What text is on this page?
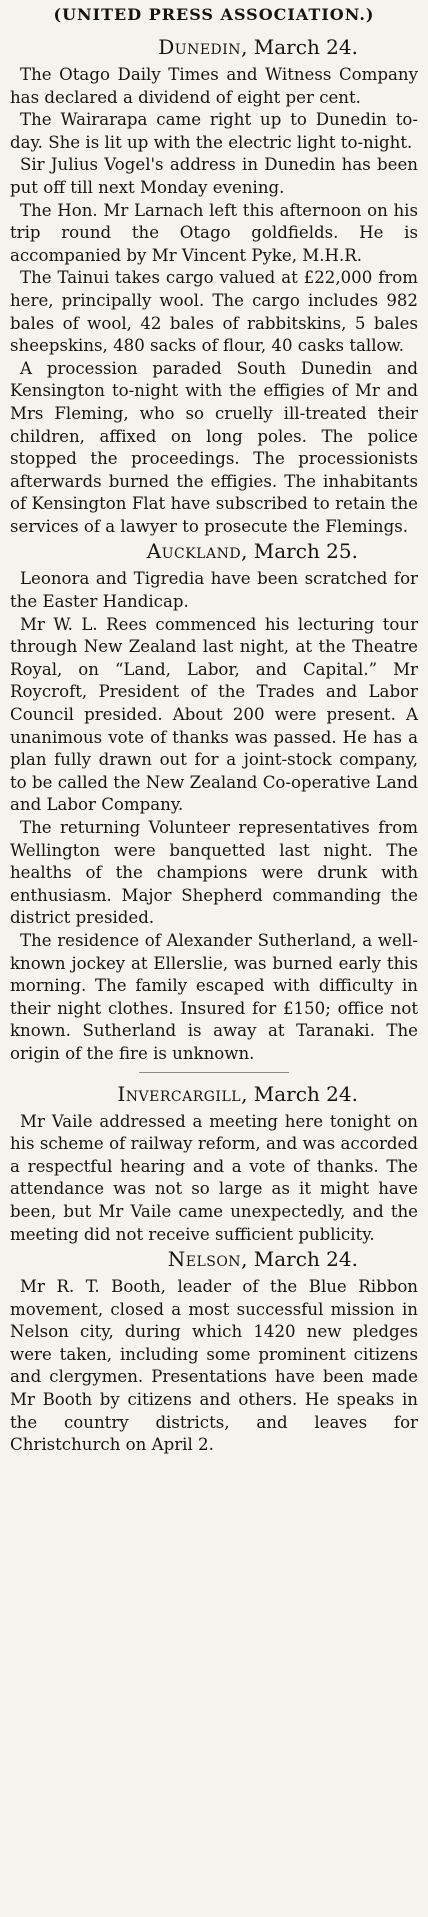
(UNITED PRESS ASSOCIATION.)
Dunedin, March 24.

The Otago Daily Times and Witness Company has declared a dividend of eight per cent.

The Wairarapa came right up to Dunedin to-day. She is lit up with the electric light to-night.

Sir Julius Vogel's address in Dunedin has been put off till next Monday evening.

The Hon. Mr Larnach left this afternoon on his trip round the Otago goldfields. He is accompanied by Mr Vincent Pyke, M.H.R.

The Tainui takes cargo valued at £22,000 from here, principally wool. The cargo includes 982 bales of wool, 42 bales of rabbitskins, 5 bales sheepskins, 480 sacks of flour, 40 casks tallow.

A procession paraded South Dunedin and Kensington to-night with the effigies of Mr and Mrs Fleming, who so cruelly ill-treated their children, affixed on long poles. The police stopped the proceedings. The processionists afterwards burned the effigies. The inhabitants of Kensington Flat have subscribed to retain the services of a lawyer to prosecute the Flemings.

Auckland, March 25.

Leonora and Tigredia have been scratched for the Easter Handicap.

Mr W. L. Rees commenced his lecturing tour through New Zealand last night, at the Theatre Royal, on “Land, Labor, and Capital.” Mr Roycroft, President of the Trades and Labor Council presided. About 200 were present. A unanimous vote of thanks was passed. He has a plan fully drawn out for a joint-stock company, to be called the New Zealand Co-operative Land and Labor Company.

The returning Volunteer representatives from Wellington were banquetted last night. The healths of the champions were drunk with enthusiasm. Major Shepherd commanding the district presided.

The residence of Alexander Sutherland, a well-known jockey at Ellerslie, was burned early this morning. The family escaped with difficulty in their night clothes. Insured for £150; office not known. Sutherland is away at Taranaki. The origin of the fire is unknown.

Invercargill, March 24.

Mr Vaile addressed a meeting here tonight on his scheme of railway reform, and was accorded a respectful hearing and a vote of thanks. The attendance was not so large as it might have been, but Mr Vaile came unexpectedly, and the meeting did not receive sufficient publicity.

Nelson, March 24.

Mr R. T. Booth, leader of the Blue Ribbon movement, closed a most successful mission in Nelson city, during which 1420 new pledges were taken, including some prominent citizens and clergymen. Presentations have been made Mr Booth by citizens and others. He speaks in the country districts, and leaves for Christchurch on April 2.
